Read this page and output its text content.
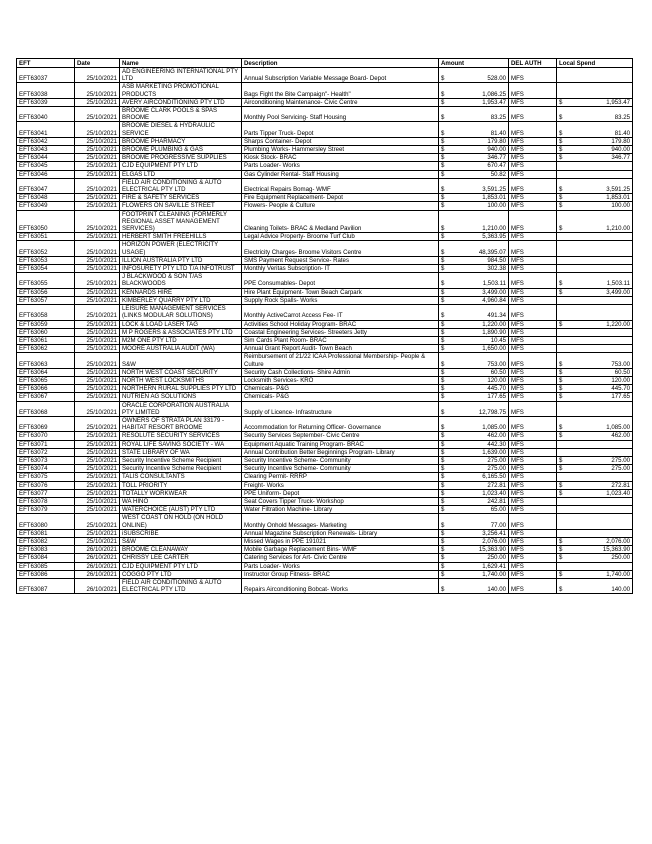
EFT	Date	Name	Description	Amount	DEL AUTH	Local Spend
EFT63037	25/10/2021	AD ENGINEERING INTERNATIONAL PTY LTD	Annual Subscription Variable Message Board- Depot	$ 528.00	MFS	
EFT63038	25/10/2021	ASB MARKETING PROMOTIONAL PRODUCTS	Bags Fight the Bite Campaign"- Health"	$ 1,086.25	MFS	
EFT63039	25/10/2021	AVERY AIRCONDITIONING PTY LTD	Airconditioning Maintenance- Civic Centre	$ 1,953.47	MFS	$ 1,953.47

EFT63040	25/10/2021	BROOME CLARK POOLS & SPAS BROOME	Monthly Pool Servicing- Staff Housing	$ 83.25	MFS	$ 83.25

EFT63041	25/10/2021	BROOME DIESEL & HYDRAULIC SERVICE	Parts Tipper Truck- Depot	$ 81.40	MFS	$ 81.40

EFT63042	25/10/2021	BROOME PHARMACY	Sharps Container- Depot	$ 179.80	MFS	$ 179.80

EFT63043	25/10/2021	BROOME PLUMBING & GAS	Plumbing Works- Hammersley Street	$ 940.00	MFS	$ 940.00

EFT63044	25/10/2021	BROOME PROGRESSIVE SUPPLIES	Kiosk Stock- BRAC	$ 346.77	MFS	$ 346.77

EFT63045	25/10/2021	CJD EQUIPMENT PTY LTD	Parts Loader- Works	$ 670.47	MFS	
EFT63046	25/10/2021	ELGAS LTD	Gas Cylinder Rental- Staff Housing	$ 50.82	MFS	
EFT63047	25/10/2021	FIELD AIR CONDITIONING & AUTO ELECTRICAL PTY LTD	Electrical Repairs Bomag- WMF	$ 3,591.25	MFS	$ 3,591.25

EFT63048	25/10/2021	FIRE & SAFETY SERVICES	Fire Equipment Replacement- Depot	$ 1,853.01	MFS	$ 1,853.01

EFT63049	25/10/2021	FLOWERS ON SAVILLE STREET	Flowers- People & Culture	$ 100.00	MFS	$ 100.00

EFT63050	25/10/2021	FOOTPRINT CLEANING (FORMERLY REGIONAL ASSET MANAGEMENT SERVICES)	Cleaning Toilets- BRAC & Medland Pavilion	$ 1,210.00	MFS	$ 1,210.00

EFT63051	25/10/2021	HERBERT SMITH FREEHILLS	Legal Advice Property- Broome Turf Club	$ 5,363.95	MFS	
EFT63052	25/10/2021	HORIZON POWER (ELECTRICITY USAGE)	Electricity Charges- Broome Visitors Centre	$ 48,395.07	MFS	
EFT63053	25/10/2021	ILLION AUSTRALIA PTY LTD	SMS Payment Request Service- Rates	$ 984.50	MFS	
EFT63054	25/10/2021	INFOSURETY PTY LTD T/A INFOTRUST	Monthly Veritas Subscription- IT	$ 302.38	MFS	
EFT63055	25/10/2021	J BLACKWOOD & SON T/AS BLACKWOODS	PPE Consumables- Depot	$ 1,503.11	MFS	$ 1,503.11

EFT63056	25/10/2021	KENNARDS HIRE	Hire Plant Equipment- Town Beach Carpark	$ 3,499.00	MFS	$ 3,499.00

EFT63057	25/10/2021	KIMBERLEY QUARRY PTY LTD	Supply Rock Spalls- Works	$ 4,960.84	MFS	
EFT63058	25/10/2021	LEISURE MANAGEMENT SERVICES (LINKS MODULAR SOLUTIONS)	Monthly ActiveCarrot Access Fee- IT	$ 491.34	MFS	
EFT63059	25/10/2021	LOCK & LOAD LASER TAG	Activities School Holiday Program- BRAC	$ 1,220.00	MFS	$ 1,220.00

EFT63060	25/10/2021	M P ROGERS & ASSOCIATES PTY LTD	Coastal Engineering Services- Streeters Jetty	$ 1,890.90	MFS	
EFT63061	25/10/2021	M2M ONE PTY LTD	Sim Cards Plant Room- BRAC	$ 10.45	MFS	
EFT63062	25/10/2021	MOORE AUSTRALIA AUDIT (WA)	Annual Grant Report Audit- Town Beach	$ 1,650.00	MFS	
EFT63063	25/10/2021	S&W	Reimbursement of 21/22 ICAA Professional Membership- People & Culture	$ 753.00	MFS	$ 753.00

EFT63064	25/10/2021	NORTH WEST COAST SECURITY	Security Cash Collections- Shire Admin	$ 60.50	MFS	$ 60.50

EFT63065	25/10/2021	NORTH WEST LOCKSMITHS	Locksmith Services- KRO	$ 120.00	MFS	$ 120.00

EFT63066	25/10/2021	NORTHERN RURAL SUPPLIES PTY LTD	Chemicals- P&G	$ 445.70	MFS	$ 445.70

EFT63067	25/10/2021	NUTRIEN AG SOLUTIONS	Chemicals- P&G	$ 177.65	MFS	$ 177.65

EFT63068	25/10/2021	ORACLE CORPORATION AUSTRALIA PTY LIMITED	Supply of Licence- Infrastructure	$ 12,798.75	MFS	
EFT63069	25/10/2021	OWNERS OF STRATA PLAN 33179 - HABITAT RESORT BROOME	Accommodation for Returning Officer- Governance	$ 1,085.00	MFS	$ 1,085.00

EFT63070	25/10/2021	RESOLUTE SECURITY SERVICES	Security Services September- Civic Centre	$ 462.00	MFS	$ 462.00

EFT63071	25/10/2021	ROYAL LIFE SAVING SOCIETY - WA	Equipment Aquatic Training Program- BRAC	$ 442.30	MFS	
EFT63072	25/10/2021	STATE LIBRARY OF WA	Annual Contribution Better Beginnings Program- Library	$ 1,639.00	MFS	
EFT63073	25/10/2021	Security Incentive Scheme Recipient	Security Incentive Scheme- Community	$ 275.00	MFS	$ 275.00

EFT63074	25/10/2021	Security Incentive Scheme Recipient	Security Incentive Scheme- Community	$ 275.00	MFS	$ 275.00

EFT63075	25/10/2021	TALIS CONSULTANTS	Clearing Permit- RRRP	$ 6,165.50	MFS	
EFT63076	25/10/2021	TOLL PRIORITY	Freight- Works	$ 272.81	MFS	$ 272.81

EFT63077	25/10/2021	TOTALLY WORKWEAR	PPE Uniform- Depot	$ 1,023.40	MFS	$ 1,023.40

EFT63078	25/10/2021	WA HINO	Seat Covers Tipper Truck- Workshop	$ 242.81	MFS	
EFT63079	25/10/2021	WATERCHOICE (AUST) PTY LTD	Water Filtration Machine- Library	$ 65.00	MFS	
EFT63080	25/10/2021	WEST COAST ON HOLD (ON HOLD ONLINE)	Monthly Onhold Messages- Marketing	$ 77.00	MFS	
EFT63081	25/10/2021	iSUBSCRIBE	Annual Magazine Subscription Renewals- Library	$ 3,256.41	MFS	
EFT63082	25/10/2021	S&W	Missed Wages in PPE 191021	$ 2,076.00	MFS	$ 2,076.00

EFT63083	26/10/2021	BROOME CLEANAWAY	Mobile Garbage Replacement Bins- WMF	$ 15,363.90	MFS	$ 15,363.90

EFT63084	26/10/2021	CHRISSY LEE CARTER	Catering Services for Art- Civic Centre	$ 250.00	MFS	$ 250.00

EFT63085	26/10/2021	CJD EQUIPMENT PTY LTD	Parts Loader- Works	$ 1,629.41	MFS	
EFT63086	26/10/2021	COGGO PTY LTD	Instructor Group Fitness- BRAC	$ 1,740.00	MFS	$ 1,740.00

EFT63087	26/10/2021	FIELD AIR CONDITIONING & AUTO ELECTRICAL PTY LTD	Repairs Airconditioning Bobcat- Works	$ 140.00	MFS	$ 140.00
